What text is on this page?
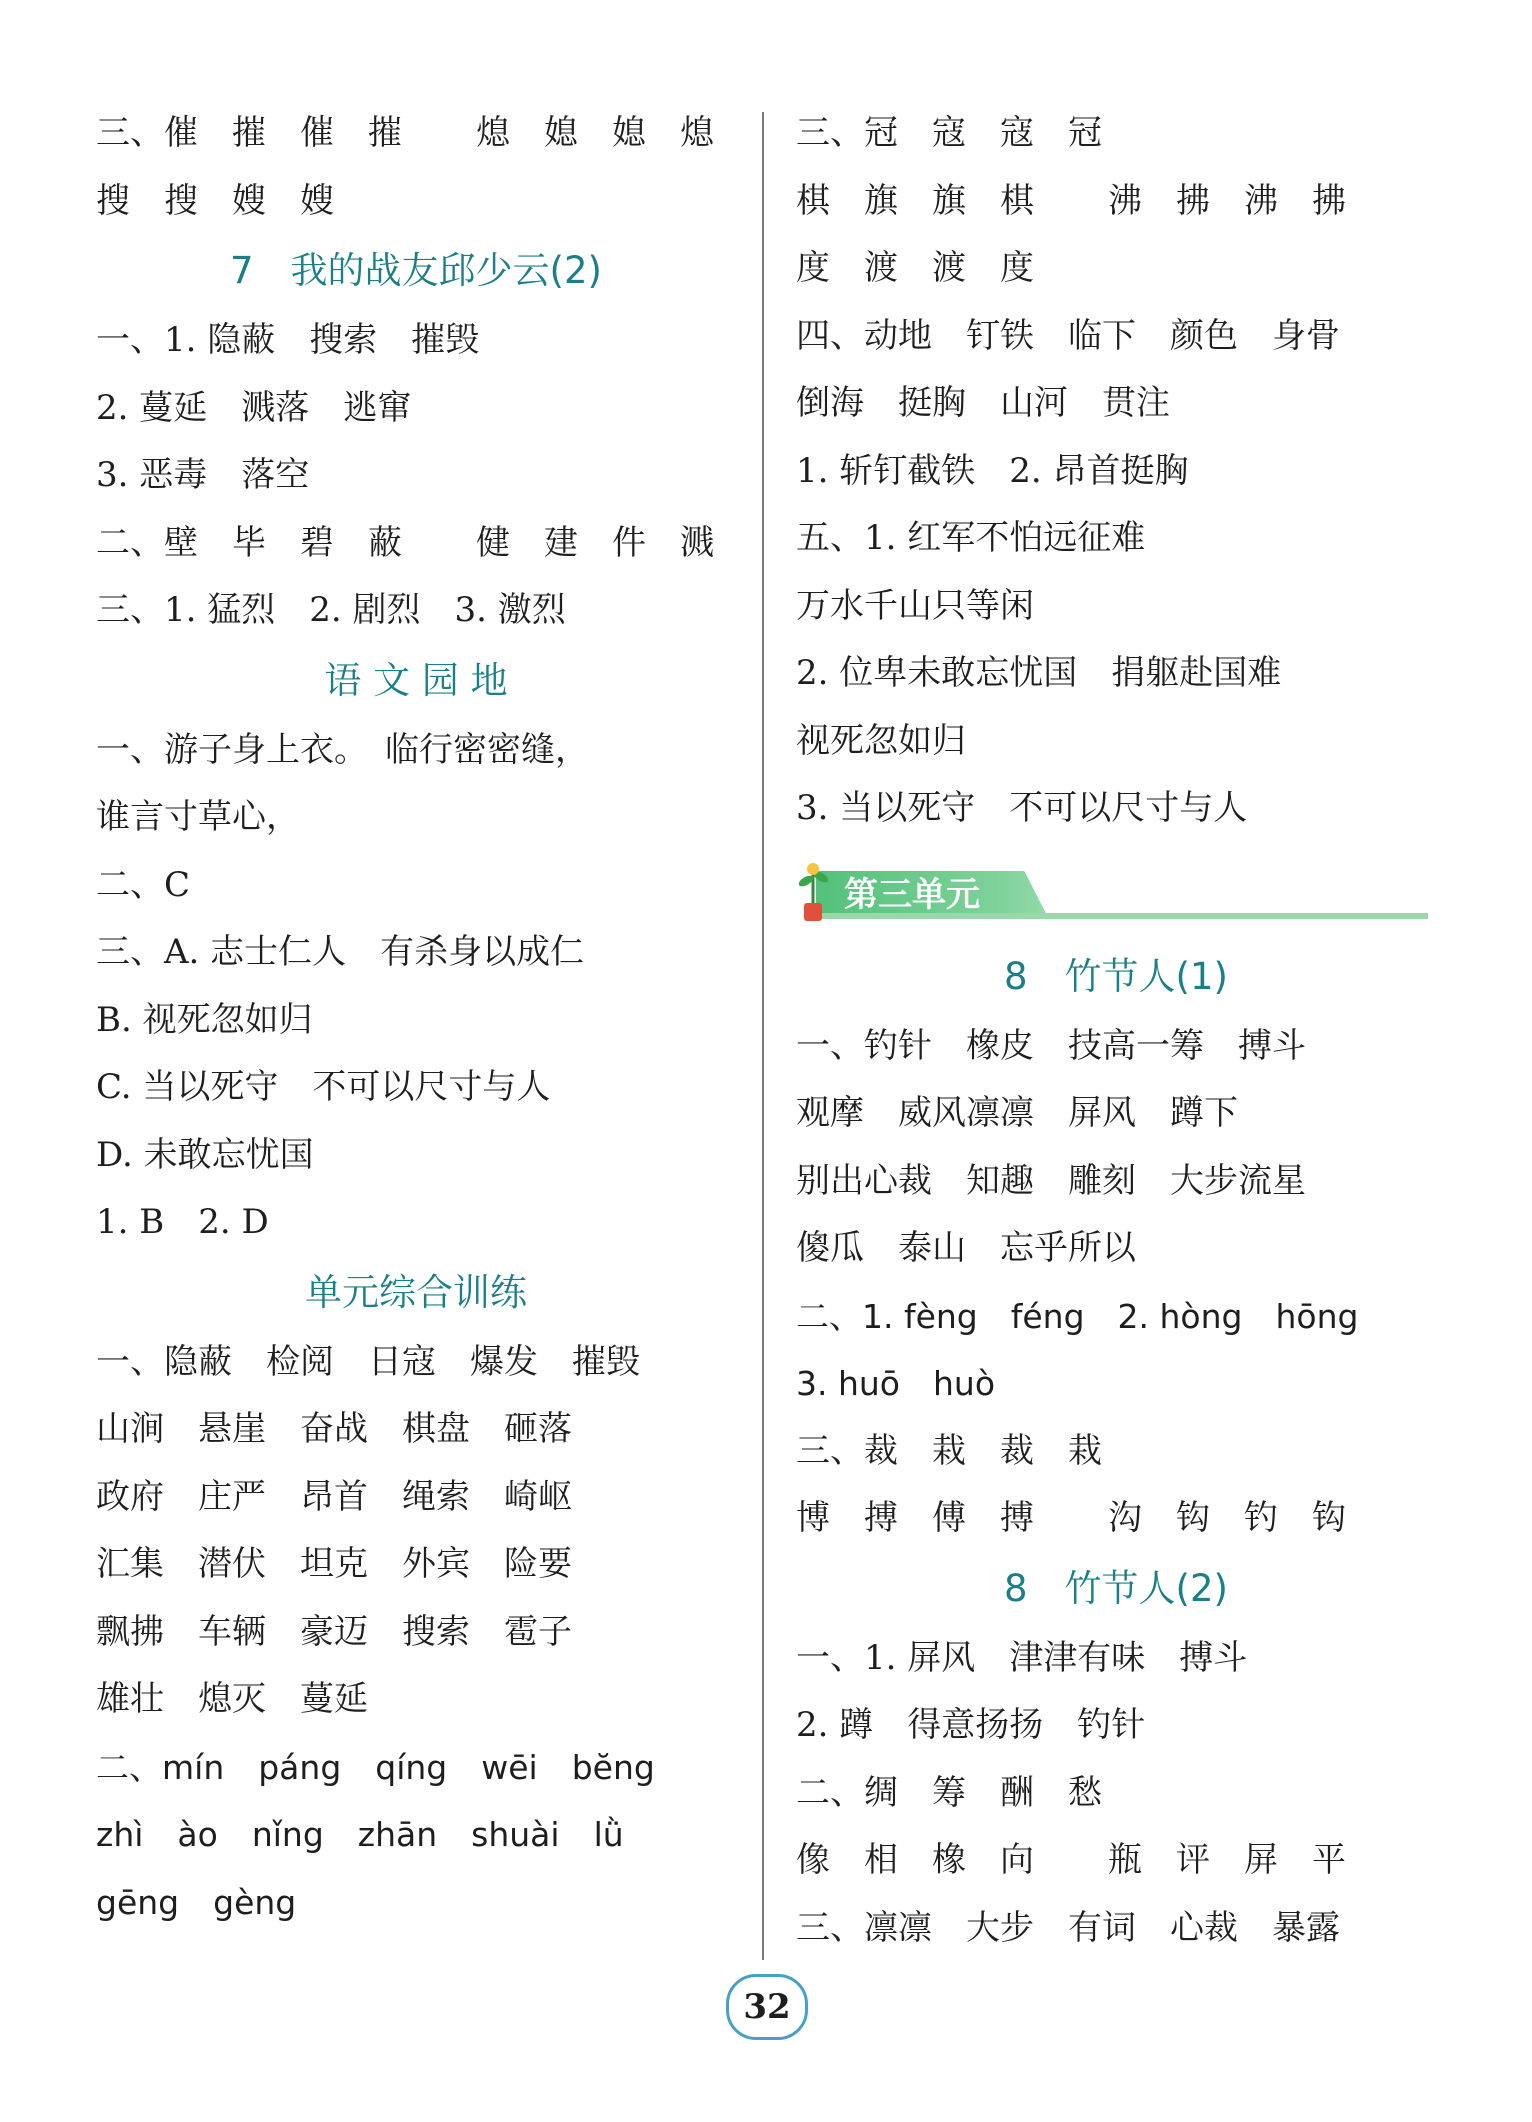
三、催 摧 催 摧 熄 媳 媳 熄
搜 搜 嫂 嫂
7　我的战友邱少云(2)
一、1. 隐蔽　搜索　摧毁
2. 蔓延　溅落　逃窜
3. 恶毒　落空
二、壁 毕 碧 蔽 健 建 件 溅
三、1. 猛烈　2. 剧烈　3. 激烈
语 文 园 地
一、游子身上衣。　临行密密缝，
谁言寸草心，
二、C
三、A. 志士仁人　有杀身以成仁
B. 视死忽如归
C. 当以死守　不可以尺寸与人
D. 未敢忘忧国
1. B　2. D
单元综合训练
一、隐蔽 检阅 日寇 爆发 摧毁
山涧 悬崖 奋战 棋盘 砸落
政府 庄严 昂首 绳索 崎岖
汇集 潜伏 坦克 外宾 险要
飘拂 车辆 豪迈 搜索 雹子
雄壮 熄灭 蔓延
二、mín páng qíng wēi bĕng
zhì ào nǐng zhān shuài lǜ
gēng gèng
三、冠 寇 寇 冠
棋 旗 旗 棋 沸 拂 沸 拂
度 渡 渡 度
四、动地 钉铁 临下 颜色 身骨
倒海 挺胸 山河 贯注
1. 斩钉截铁　2. 昂首挺胸
五、1. 红军不怕远征难
万水千山只等闲
2. 位卑未敢忘忧国　捐躯赴国难
视死忽如归
3. 当以死守　不可以尺寸与人
第三单元
8　竹节人(1)
一、钓针 橡皮 技高一筹 搏斗
观摩 威风凛凛 屏风 蹲下
别出心裁 知趣 雕刻 大步流星
傻瓜 泰山 忘乎所以
二、1. fèng　féng　2. hòng　hōng
3. huō　huò
三、裁 栽 裁 栽
博 搏 傅 搏 沟 钩 钓 钩
8　竹节人(2)
一、1. 屏风　津津有味　搏斗
2. 蹲　得意扬扬　钓针
二、绸 筹 酬 愁
像 相 橡 向 瓶 评 屏 平
三、凛凛 大步 有词 心裁 暴露
32
